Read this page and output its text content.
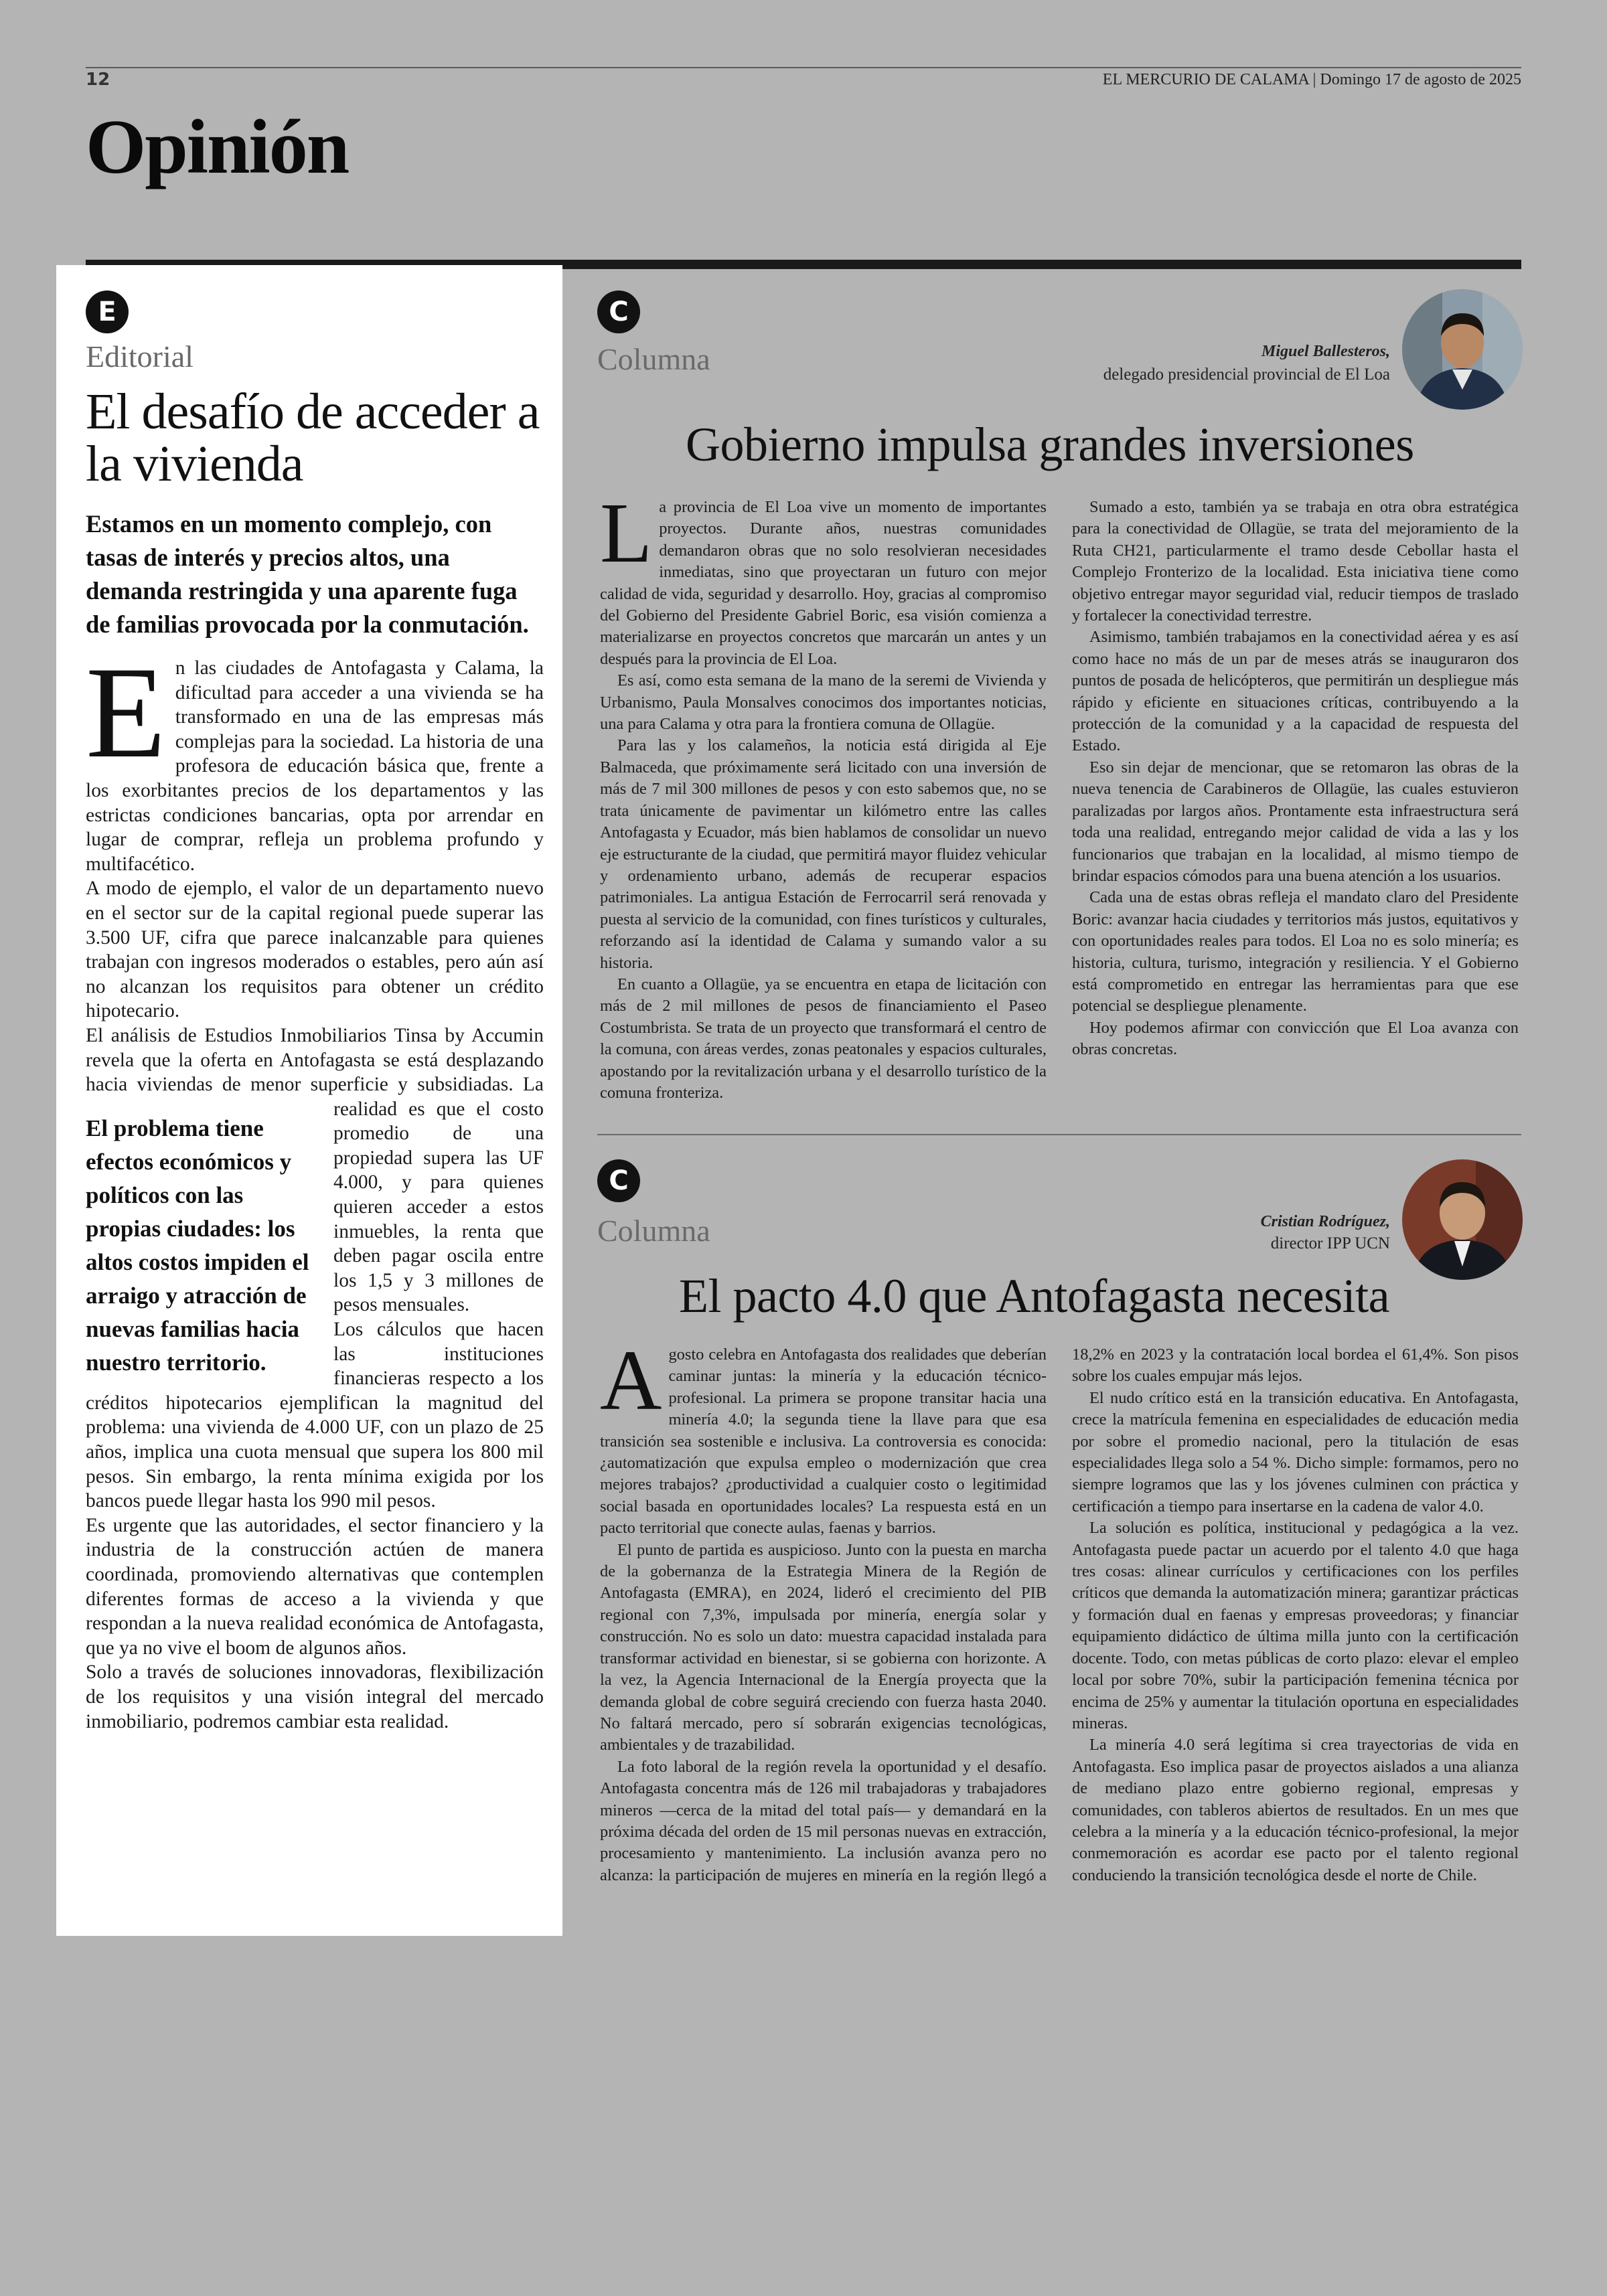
12	EL MERCURIO DE CALAMA | Domingo 17 de agosto de 2025
Opinión
E
Editorial
El desafío de acceder a la vivienda
Estamos en un momento complejo, con tasas de interés y precios altos, una demanda restringida y una aparente fuga de familias provocada por la conmutación.

En las ciudades de Antofagasta y Calama, la dificultad para acceder a una vivienda se ha transformado en una de las empresas más complejas para la sociedad. La historia de una profesora de educación básica que, frente a los exorbitantes precios de los departamentos y las estrictas condiciones bancarias, opta por arrendar en lugar de comprar, refleja un problema profundo y multifacético.

A modo de ejemplo, el valor de un departamento nuevo en el sector sur de la capital regional puede superar las 3.500 UF, cifra que parece inalcanzable para quienes trabajan con ingresos moderados o estables, pero aún así no alcanzan los requisitos para obtener un crédito hipotecario.

El análisis de Estudios Inmobiliarios Tinsa by Accumin revela que la oferta en Antofagasta se está desplazando hacia viviendas de menor superficie y subsidiadas.
El problema tiene efectos económicos y políticos con las propias ciudades: los altos costos impiden el arraigo y atracción de nuevas familias hacia nuestro territorio.
La realidad es que el costo promedio de una propiedad supera las UF 4.000, y para quienes quieren acceder a estos inmuebles, la renta que deben pagar oscila entre los 1,5 y 3 millones de pesos mensuales.

Los cálculos que hacen las instituciones financieras respecto a los créditos hipotecarios ejemplifican la magnitud del problema: una vivienda de 4.000 UF, con un plazo de 25 años, implica una cuota mensual que supera los 800 mil pesos. Sin embargo, la renta mínima exigida por los bancos puede llegar hasta los 990 mil pesos.

Es urgente que las autoridades, el sector financiero y la industria de la construcción actúen de manera coordinada, promoviendo alternativas que contemplen diferentes formas de acceso a la vivienda y que respondan a la nueva realidad económica de Antofagasta, que ya no vive el boom de algunos años.

Solo a través de soluciones innovadoras, flexibilización de los requisitos y una visión integral del mercado inmobiliario, podremos cambiar esta realidad.

C
Columna	Miguel Ballesteros,
delegado presidencial provincial de El Loa
Gobierno impulsa grandes inversiones

La provincia de El Loa vive un momento de importantes proyectos. Durante años, nuestras comunidades demandaron obras que no solo resolvieran necesidades inmediatas, sino que proyectaran un futuro con mejor calidad de vida, seguridad y desarrollo. Hoy, gracias al compromiso del Gobierno del Presidente Gabriel Boric, esa visión comienza a materializarse en proyectos concretos que marcarán un antes y un después para la provincia de El Loa.

Es así, como esta semana de la mano de la seremi de Vivienda y Urbanismo, Paula Monsalves conocimos dos importantes noticias, una para Calama y otra para la frontiera comuna de Ollagüe.

Para las y los calameños, la noticia está dirigida al Eje Balmaceda, que próximamente será licitado con una inversión de más de 7 mil 300 millones de pesos y con esto sabemos que, no se trata únicamente de pavimentar un kilómetro entre las calles Antofagasta y Ecuador, más bien hablamos de consolidar un nuevo eje estructurante de la ciudad, que permitirá mayor fluidez vehicular y ordenamiento urbano, además de recuperar espacios patrimoniales. La antigua Estación de Ferrocarril será renovada y puesta al servicio de la comunidad, con fines turísticos y culturales, reforzando así la identidad de Calama y sumando valor a su historia.

En cuanto a Ollagüe, ya se encuentra en etapa de licitación con más de 2 mil millones de pesos de financiamiento el Paseo Costumbrista. Se trata de un proyecto que transformará el centro de la comuna, con áreas verdes, zonas peatonales y espacios culturales, apostando por la revitalización urbana y el desarrollo turístico de la comuna fronteriza.

Sumado a esto, también ya se trabaja en otra obra estratégica para la conectividad de Ollagüe, se trata del mejoramiento de la Ruta CH21, particularmente el tramo desde Cebollar hasta el Complejo Fronterizo de la localidad. Esta iniciativa tiene como objetivo entregar mayor seguridad vial, reducir tiempos de traslado y fortalecer la conectividad terrestre.

Asimismo, también trabajamos en la conectividad aérea y es así como hace no más de un par de meses atrás se inauguraron dos puntos de posada de helicópteros, que permitirán un despliegue más rápido y eficiente en situaciones críticas, contribuyendo a la protección de la comunidad y a la capacidad de respuesta del Estado.

Eso sin dejar de mencionar, que se retomaron las obras de la nueva tenencia de Carabineros de Ollagüe, las cuales estuvieron paralizadas por largos años. Prontamente esta infraestructura será toda una realidad, entregando mejor calidad de vida a las y los funcionarios que trabajan en la localidad, al mismo tiempo de brindar espacios cómodos para una buena atención a los usuarios.

Cada una de estas obras refleja el mandato claro del Presidente Boric: avanzar hacia ciudades y territorios más justos, equitativos y con oportunidades reales para todos. El Loa no es solo minería; es historia, cultura, turismo, integración y resiliencia. Y el Gobierno está comprometido en entregar las herramientas para que ese potencial se despliegue plenamente.

Hoy podemos afirmar con convicción que El Loa avanza con obras concretas.

C
Columna	Cristian Rodríguez,
director IPP UCN
El pacto 4.0 que Antofagasta necesita

Agosto celebra en Antofagasta dos realidades que deberían caminar juntas: la minería y la educación técnico-profesional. La primera se propone transitar hacia una minería 4.0; la segunda tiene la llave para que esa transición sea sostenible e inclusiva. La controversia es conocida: ¿automatización que expulsa empleo o modernización que crea mejores trabajos? ¿productividad a cualquier costo o legitimidad social basada en oportunidades locales? La respuesta está en un pacto territorial que conecte aulas, faenas y barrios.

El punto de partida es auspicioso. Junto con la puesta en marcha de la gobernanza de la Estrategia Minera de la Región de Antofagasta (EMRA), en 2024, lideró el crecimiento del PIB regional con 7,3%, impulsada por minería, energía solar y construcción. No es solo un dato: muestra capacidad instalada para transformar actividad en bienestar, si se gobierna con horizonte. A la vez, la Agencia Internacional de la Energía proyecta que la demanda global de cobre seguirá creciendo con fuerza hasta 2040. No faltará mercado, pero sí sobrarán exigencias tecnológicas, ambientales y de trazabilidad.

La foto laboral de la región revela la oportunidad y el desafío. Antofagasta concentra más de 126 mil trabajadoras y trabajadores mineros —cerca de la mitad del total país— y demandará en la próxima década del orden de 15 mil personas nuevas en extracción, procesamiento y mantenimiento. La inclusión avanza pero no alcanza: la participación de mujeres en minería en la región llegó a 18,2% en 2023 y la contratación local bordea el 61,4%. Son pisos sobre los cuales empujar más lejos.

El nudo crítico está en la transición educativa. En Antofagasta, crece la matrícula femenina en especialidades de educación media por sobre el promedio nacional, pero la titulación de esas especialidades llega solo a 54 %. Dicho simple: formamos, pero no siempre logramos que las y los jóvenes culminen con práctica y certificación a tiempo para insertarse en la cadena de valor 4.0.

La solución es política, institucional y pedagógica a la vez. Antofagasta puede pactar un acuerdo por el talento 4.0 que haga tres cosas: alinear currículos y certificaciones con los perfiles críticos que demanda la automatización minera; garantizar prácticas y formación dual en faenas y empresas proveedoras; y financiar equipamiento didáctico de última milla junto con la certificación docente. Todo, con metas públicas de corto plazo: elevar el empleo local por sobre 70%, subir la participación femenina técnica por encima de 25% y aumentar la titulación oportuna en especialidades mineras.

La minería 4.0 será legítima si crea trayectorias de vida en Antofagasta. Eso implica pasar de proyectos aislados a una alianza de mediano plazo entre gobierno regional, empresas y comunidades, con tableros abiertos de resultados. En un mes que celebra a la minería y a la educación técnico-profesional, la mejor conmemoración es acordar ese pacto por el talento regional conduciendo la transición tecnológica desde el norte de Chile.
